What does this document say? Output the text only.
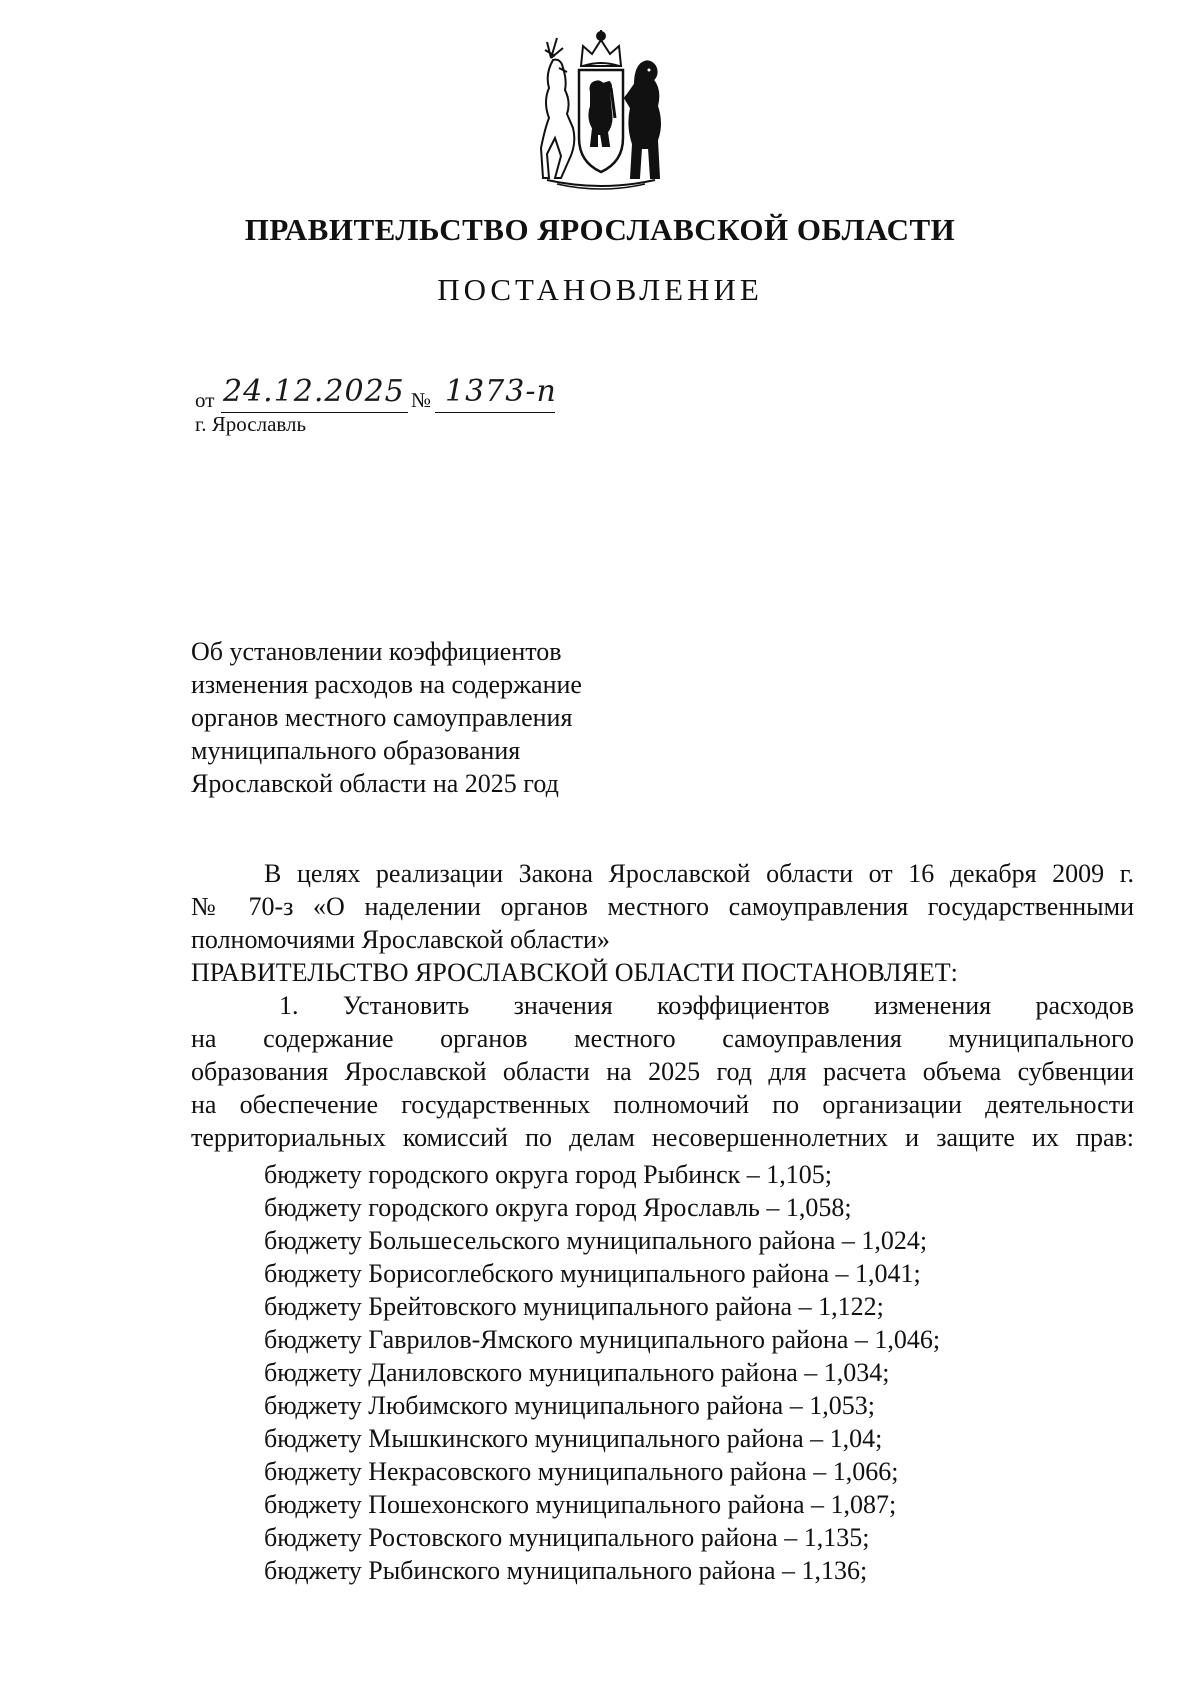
ПРАВИТЕЛЬСТВО ЯРОСЛАВСКОЙ ОБЛАСТИ
ПОСТАНОВЛЕНИЕ
от 24.12.2025 № 1373-п
г. Ярославль
Об установлении коэффициентов
изменения расходов на содержание
органов местного самоуправления
муниципального образования
Ярославской области на 2025 год
В целях реализации Закона Ярославской области от 16 декабря 2009 г.
№ 70-з «О наделении органов местного самоуправления государственными
полномочиями Ярославской области»
ПРАВИТЕЛЬСТВО ЯРОСЛАВСКОЙ ОБЛАСТИ ПОСТАНОВЛЯЕТ:
1. Установить значения коэффициентов изменения расходов
на содержание органов местного самоуправления муниципального
образования Ярославской области на 2025 год для расчета объема субвенции
на обеспечение государственных полномочий по организации деятельности
территориальных комиссий по делам несовершеннолетних и защите их прав:
бюджету городского округа город Рыбинск – 1,105;
бюджету городского округа город Ярославль – 1,058;
бюджету Большесельского муниципального района – 1,024;
бюджету Борисоглебского муниципального района – 1,041;
бюджету Брейтовского муниципального района – 1,122;
бюджету Гаврилов-Ямского муниципального района – 1,046;
бюджету Даниловского муниципального района – 1,034;
бюджету Любимского муниципального района – 1,053;
бюджету Мышкинского муниципального района – 1,04;
бюджету Некрасовского муниципального района – 1,066;
бюджету Пошехонского муниципального района – 1,087;
бюджету Ростовского муниципального района – 1,135;
бюджету Рыбинского муниципального района – 1,136;
